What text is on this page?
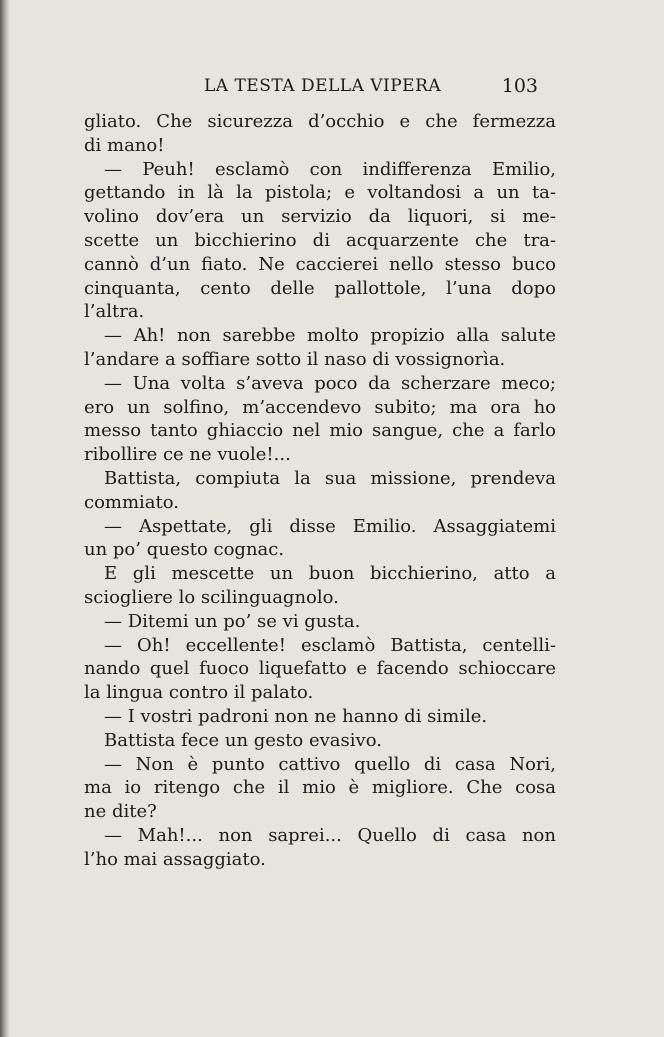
LA TESTA DELLA VIPERA	103
gliato. Che sicurezza d’occhio e che fermezza
di mano!
— Peuh! esclamò con indifferenza Emilio,
gettando in là la pistola; e voltandosi a un ta-
volino dov’era un servizio da liquori, si me-
scette un bicchierino di acquarzente che tra-
cannò d’un fiato. Ne caccierei nello stesso buco
cinquanta, cento delle pallottole, l’una dopo
l’altra.
— Ah! non sarebbe molto propizio alla salute
l’andare a soffiare sotto il naso di vossignorìa.
— Una volta s’aveva poco da scherzare meco;
ero un solfino, m’accendevo subito; ma ora ho
messo tanto ghiaccio nel mio sangue, che a farlo
ribollire ce ne vuole!...
Battista, compiuta la sua missione, prendeva
commiato.
— Aspettate, gli disse Emilio. Assaggiatemi
un po’ questo cognac.
E gli mescette un buon bicchierino, atto a
sciogliere lo scilinguagnolo.
— Ditemi un po’ se vi gusta.
— Oh! eccellente! esclamò Battista, centelli-
nando quel fuoco liquefatto e facendo schioccare
la lingua contro il palato.
— I vostri padroni non ne hanno di simile.
Battista fece un gesto evasivo.
— Non è punto cattivo quello di casa Nori,
ma io ritengo che il mio è migliore. Che cosa
ne dite?
— Mah!... non saprei... Quello di casa non
l’ho mai assaggiato.
